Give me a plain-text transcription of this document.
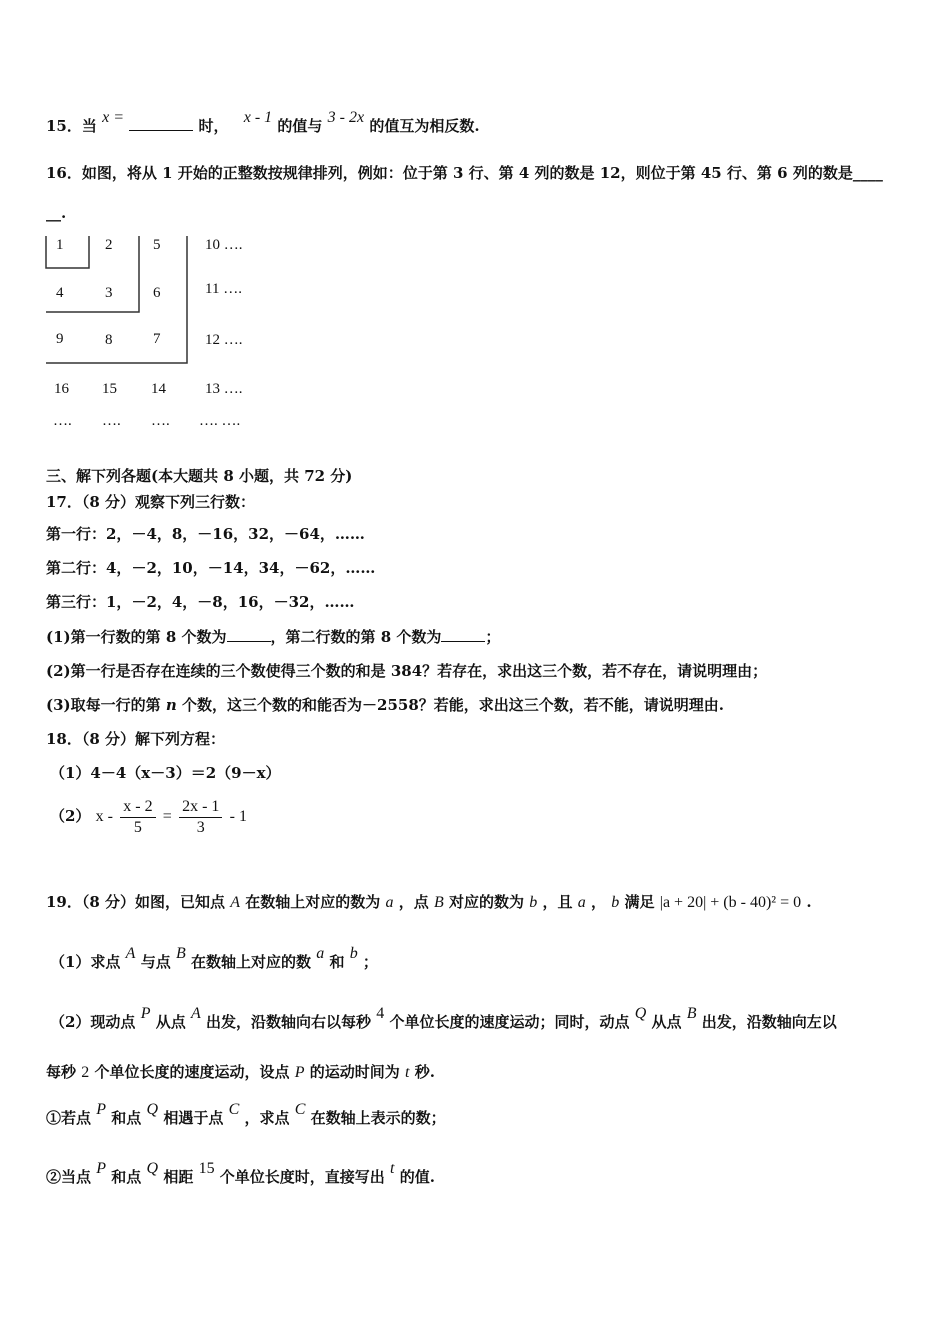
15．当 x =	时， x - 1 的值与 3 - 2x 的值互为相反数.
16．如图，将从 1 开始的正整数按规律排列，例如：位于第 3 行、第 4 列的数是 12，则位于第 45 行、第 6 列的数是____
__.
1	2	5	10 ….
4	3	6	11 ….
9	8	7	12 ….
16 15 14	13 ….
…. …. …. …. ….
三、解下列各题(本大题共 8 小题，共 72 分)
17．（8 分）观察下列三行数：
第一行：2，－4，8，－16，32，－64，……
第二行：4，－2，10，－14，34，－62，……
第三行：1，－2，4，－8，16，－32，……
(1)第一行数的第 8 个数为	，第二行数的第 8 个数为	；
(2)第一行是否存在连续的三个数使得三个数的和是 384？若存在，求出这三个数，若不存在，请说明理由；
(3)取每一行的第 n 个数，这三个数的和能否为－2558？若能，求出这三个数，若不能，请说明理由.
18．（8 分）解下列方程：
（1）4－4（x－3）＝2（9－x）
（2） $x - \frac{x - 2}{5} = \frac{2x - 1}{3} - 1$
19．（8 分）如图，已知点 A 在数轴上对应的数为 a ，点 B 对应的数为 b ，且 a ， b 满足 |a + 20| + (b - 40)² = 0 .
（1）求点 A 与点 B 在数轴上对应的数 a 和 b ；
（2）现动点 P 从点 A 出发，沿数轴向右以每秒 4 个单位长度的速度运动；同时，动点 Q 从点 B 出发，沿数轴向左以
每秒 2 个单位长度的速度运动，设点 P 的运动时间为 t 秒.
①若点 P 和点 Q 相遇于点 C ，求点 C 在数轴上表示的数；
②当点 P 和点 Q 相距 15 个单位长度时，直接写出 t 的值.
